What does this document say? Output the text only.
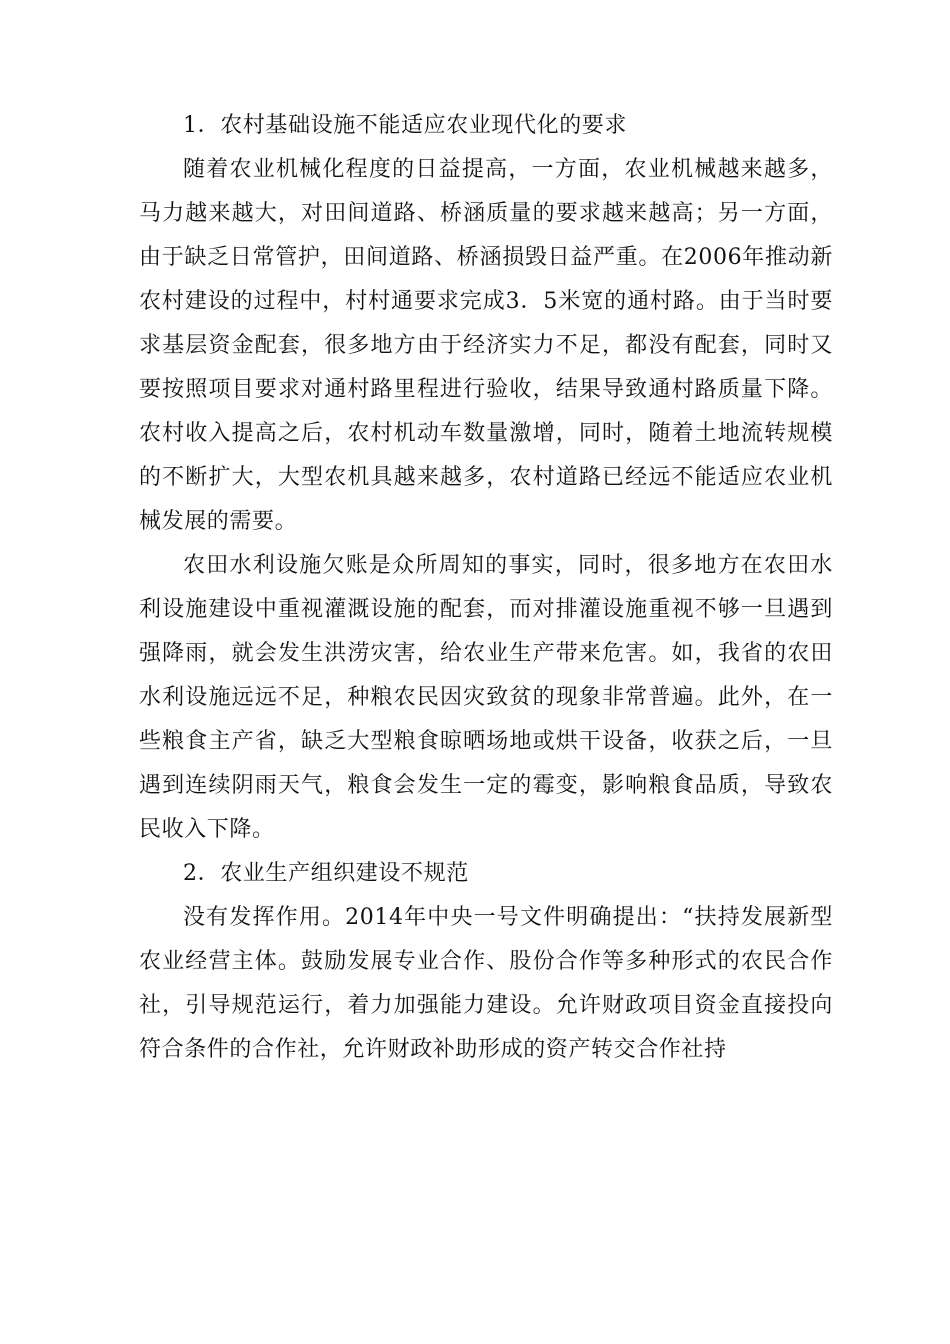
1．农村基础设施不能适应农业现代化的要求

随着农业机械化程度的日益提高，一方面，农业机械越来越多，马力越来越大，对田间道路、桥涵质量的要求越来越高；另一方面，由于缺乏日常管护，田间道路、桥涵损毁日益严重。在2006年推动新农村建设的过程中，村村通要求完成3．5米宽的通村路。由于当时要求基层资金配套，很多地方由于经济实力不足，都没有配套，同时又要按照项目要求对通村路里程进行验收，结果导致通村路质量下降。农村收入提高之后，农村机动车数量激增，同时，随着土地流转规模的不断扩大，大型农机具越来越多，农村道路已经远不能适应农业机械发展的需要。

农田水利设施欠账是众所周知的事实，同时，很多地方在农田水利设施建设中重视灌溉设施的配套，而对排灌设施重视不够一旦遇到强降雨，就会发生洪涝灾害，给农业生产带来危害。如，我省的农田水利设施远远不足，种粮农民因灾致贫的现象非常普遍。此外，在一些粮食主产省，缺乏大型粮食晾晒场地或烘干设备，收获之后，一旦遇到连续阴雨天气，粮食会发生一定的霉变，影响粮食品质，导致农民收入下降。

2．农业生产组织建设不规范

没有发挥作用。2014年中央一号文件明确提出：“扶持发展新型农业经营主体。鼓励发展专业合作、股份合作等多种形式的农民合作社，引导规范运行，着力加强能力建设。允许财政项目资金直接投向符合条件的合作社，允许财政补助形成的资产转交合作社持
